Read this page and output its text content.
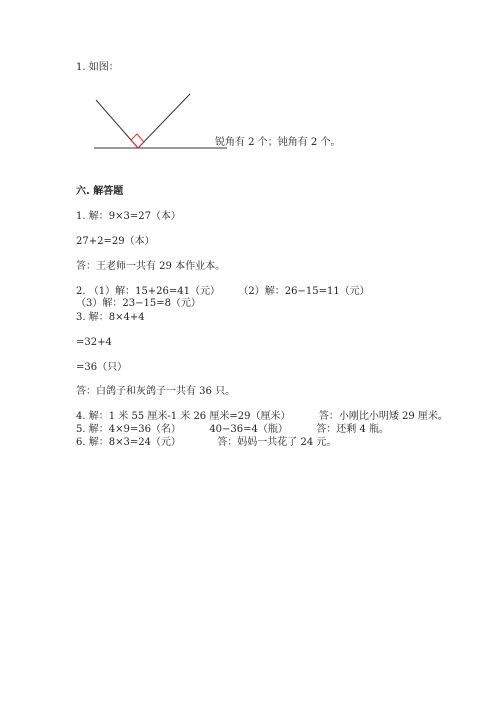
1. 如图：
锐角有 2 个；钝角有 2 个。
六. 解答题
1. 解：9×3=27（本）
27+2=29（本）
答：王老师一共有 29 本作业本。
2. （1）解：15+26=41（元） （2）解：26−15=11（元）  （3）解：23−15=8（元）
3. 解：8×4+4
=32+4
=36（只）
答：白鸽子和灰鸽子一共有 36 只。
4. 解：1 米 55 厘米-1 米 26 厘米=29（厘米）	答：小刚比小明矮 29 厘米。
5. 解：4×9=36（名）	40−36=4（瓶）	答：还剩 4 瓶。
6. 解：8×3=24（元）	答：妈妈一共花了 24 元。
